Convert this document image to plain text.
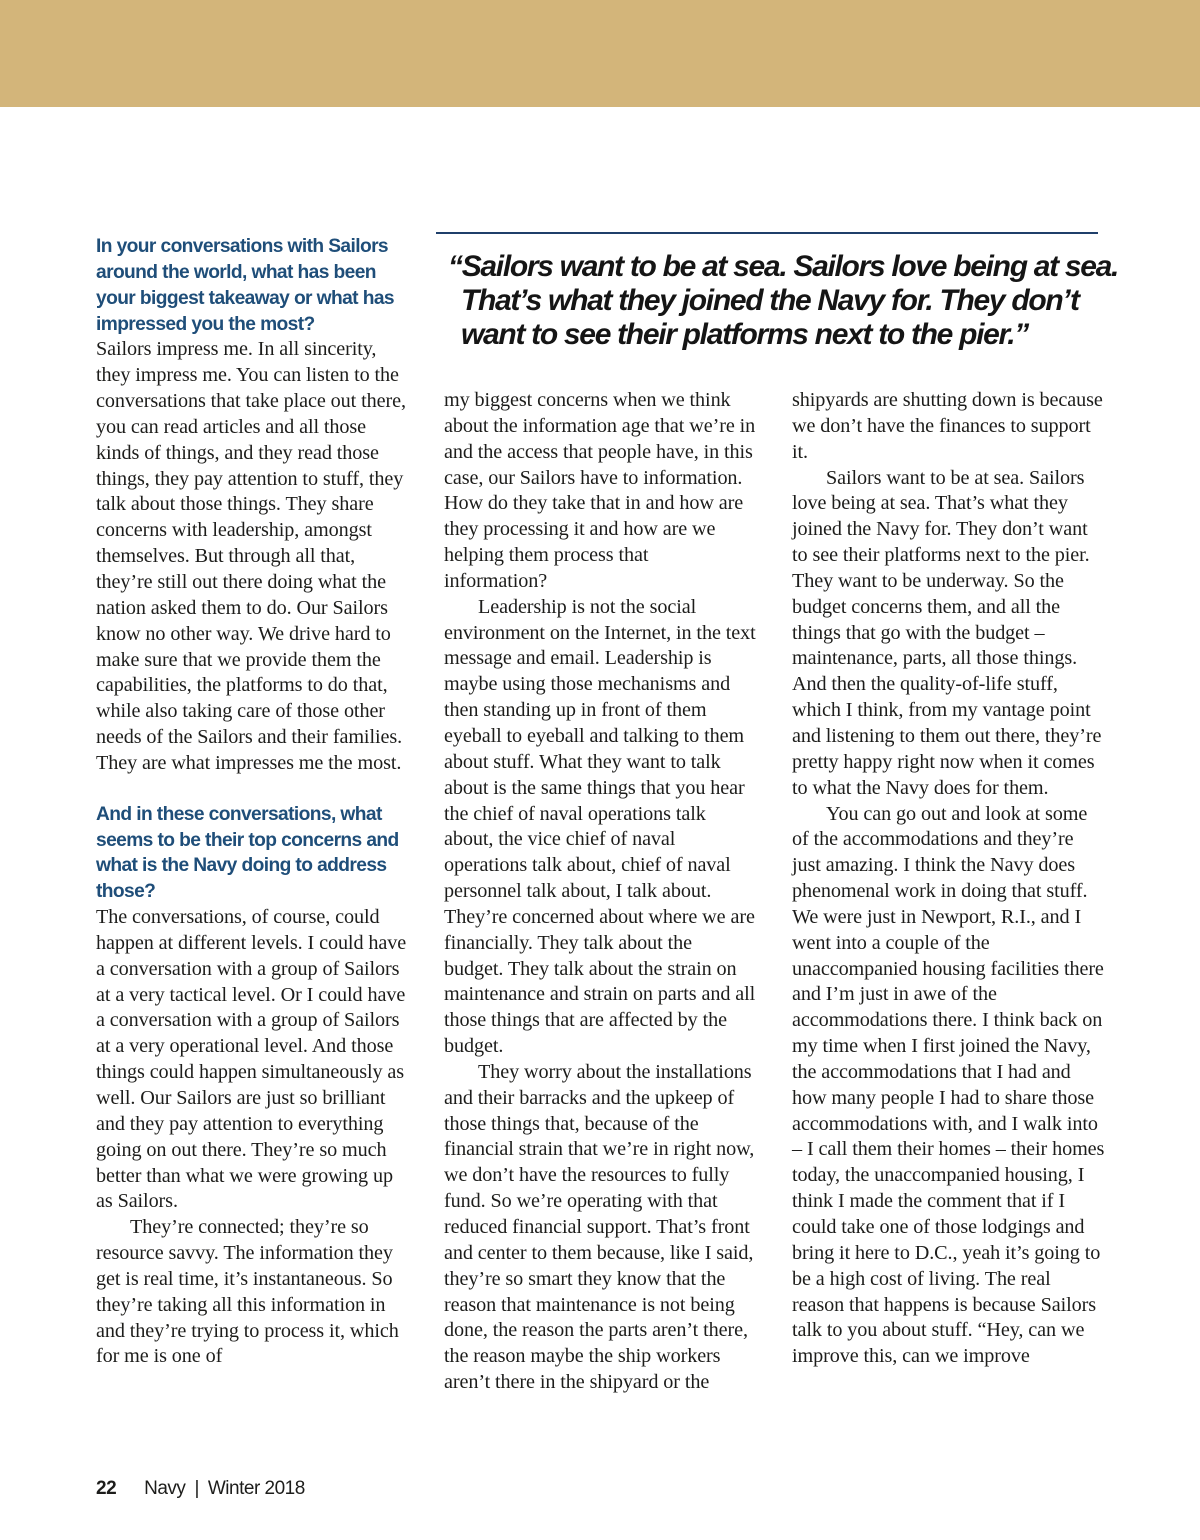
“Sailors want to be at sea. Sailors love being at sea. That’s what they joined the Navy for. They don’t want to see their platforms next to the pier.”

In your conversations with Sailors around the world, what has been your biggest takeaway or what has impressed you the most?

Sailors impress me. In all sincerity, they impress me. You can listen to the conversations that take place out there, you can read articles and all those kinds of things, and they read those things, they pay attention to stuff, they talk about those things. They share concerns with leadership, amongst themselves. But through all that, they’re still out there doing what the nation asked them to do. Our Sailors know no other way. We drive hard to make sure that we provide them the capabilities, the platforms to do that, while also taking care of those other needs of the Sailors and their families. They are what impresses me the most.

And in these conversations, what seems to be their top concerns and what is the Navy doing to address those?

The conversations, of course, could happen at different levels. I could have a conversation with a group of Sailors at a very tactical level. Or I could have a conversation with a group of Sailors at a very operational level. And those things could happen simultaneously as well. Our Sailors are just so brilliant and they pay attention to everything going on out there. They’re so much better than what we were growing up as Sailors.

They’re connected; they’re so resource savvy. The information they get is real time, it’s instantaneous. So they’re taking all this information in and they’re trying to process it, which for me is one of

my biggest concerns when we think about the information age that we’re in and the access that people have, in this case, our Sailors have to information. How do they take that in and how are they processing it and how are we helping them process that information?

Leadership is not the social environment on the Internet, in the text message and email. Leadership is maybe using those mechanisms and then standing up in front of them eyeball to eyeball and talking to them about stuff. What they want to talk about is the same things that you hear the chief of naval operations talk about, the vice chief of naval operations talk about, chief of naval personnel talk about, I talk about. They’re concerned about where we are financially. They talk about the budget. They talk about the strain on maintenance and strain on parts and all those things that are affected by the budget.

They worry about the installations and their barracks and the upkeep of those things that, because of the financial strain that we’re in right now, we don’t have the resources to fully fund. So we’re operating with that reduced financial support. That’s front and center to them because, like I said, they’re so smart they know that the reason that maintenance is not being done, the reason the parts aren’t there, the reason maybe the ship workers aren’t there in the shipyard or the

shipyards are shutting down is because we don’t have the finances to support it.

Sailors want to be at sea. Sailors love being at sea. That’s what they joined the Navy for. They don’t want to see their platforms next to the pier. They want to be underway. So the budget concerns them, and all the things that go with the budget – maintenance, parts, all those things. And then the quality-of-life stuff, which I think, from my vantage point and listening to them out there, they’re pretty happy right now when it comes to what the Navy does for them.

You can go out and look at some of the accommodations and they’re just amazing. I think the Navy does phenomenal work in doing that stuff. We were just in Newport, R.I., and I went into a couple of the unaccompanied housing facilities there and I’m just in awe of the accommodations there. I think back on my time when I first joined the Navy, the accommodations that I had and how many people I had to share those accommodations with, and I walk into – I call them their homes – their homes today, the unaccompanied housing, I think I made the comment that if I could take one of those lodgings and bring it here to D.C., yeah it’s going to be a high cost of living. The real reason that happens is because Sailors talk to you about stuff. “Hey, can we improve this, can we improve

22 Navy | Winter 2018
